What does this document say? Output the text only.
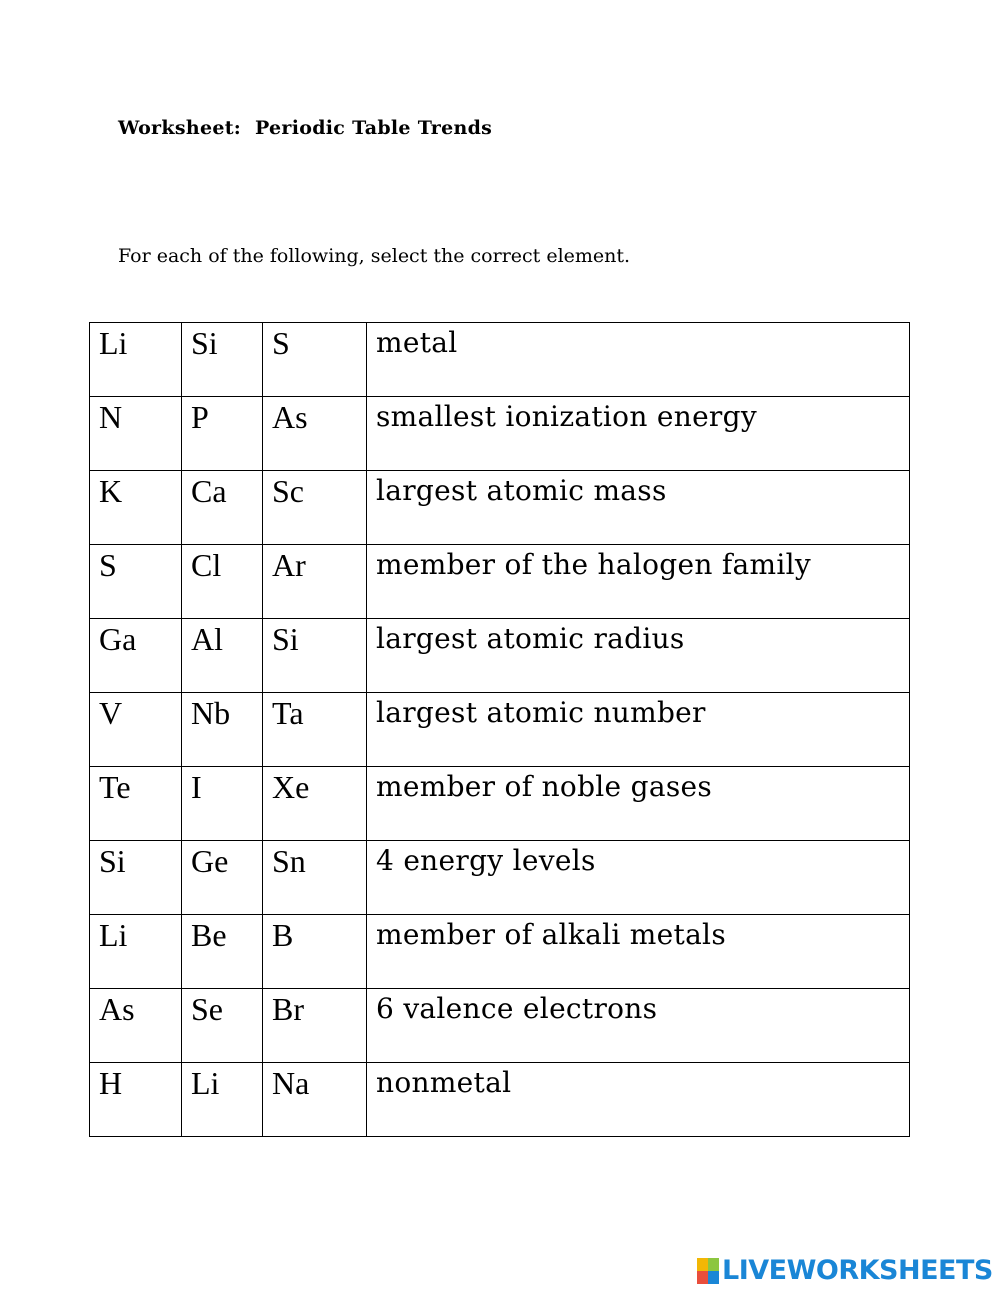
Worksheet:  Periodic Table Trends
For each of the following, select the correct element.
Li	Si	S	metal
N	P	As	smallest ionization energy
K	Ca	Sc	largest atomic mass
S	Cl	Ar	member of the halogen family
Ga	Al	Si	largest atomic radius
V	Nb	Ta	largest atomic number
Te	I	Xe	member of noble gases
Si	Ge	Sn	4 energy levels
Li	Be	B	member of alkali metals
As	Se	Br	6 valence electrons
H	Li	Na	nonmetal
LIVEWORKSHEETS
